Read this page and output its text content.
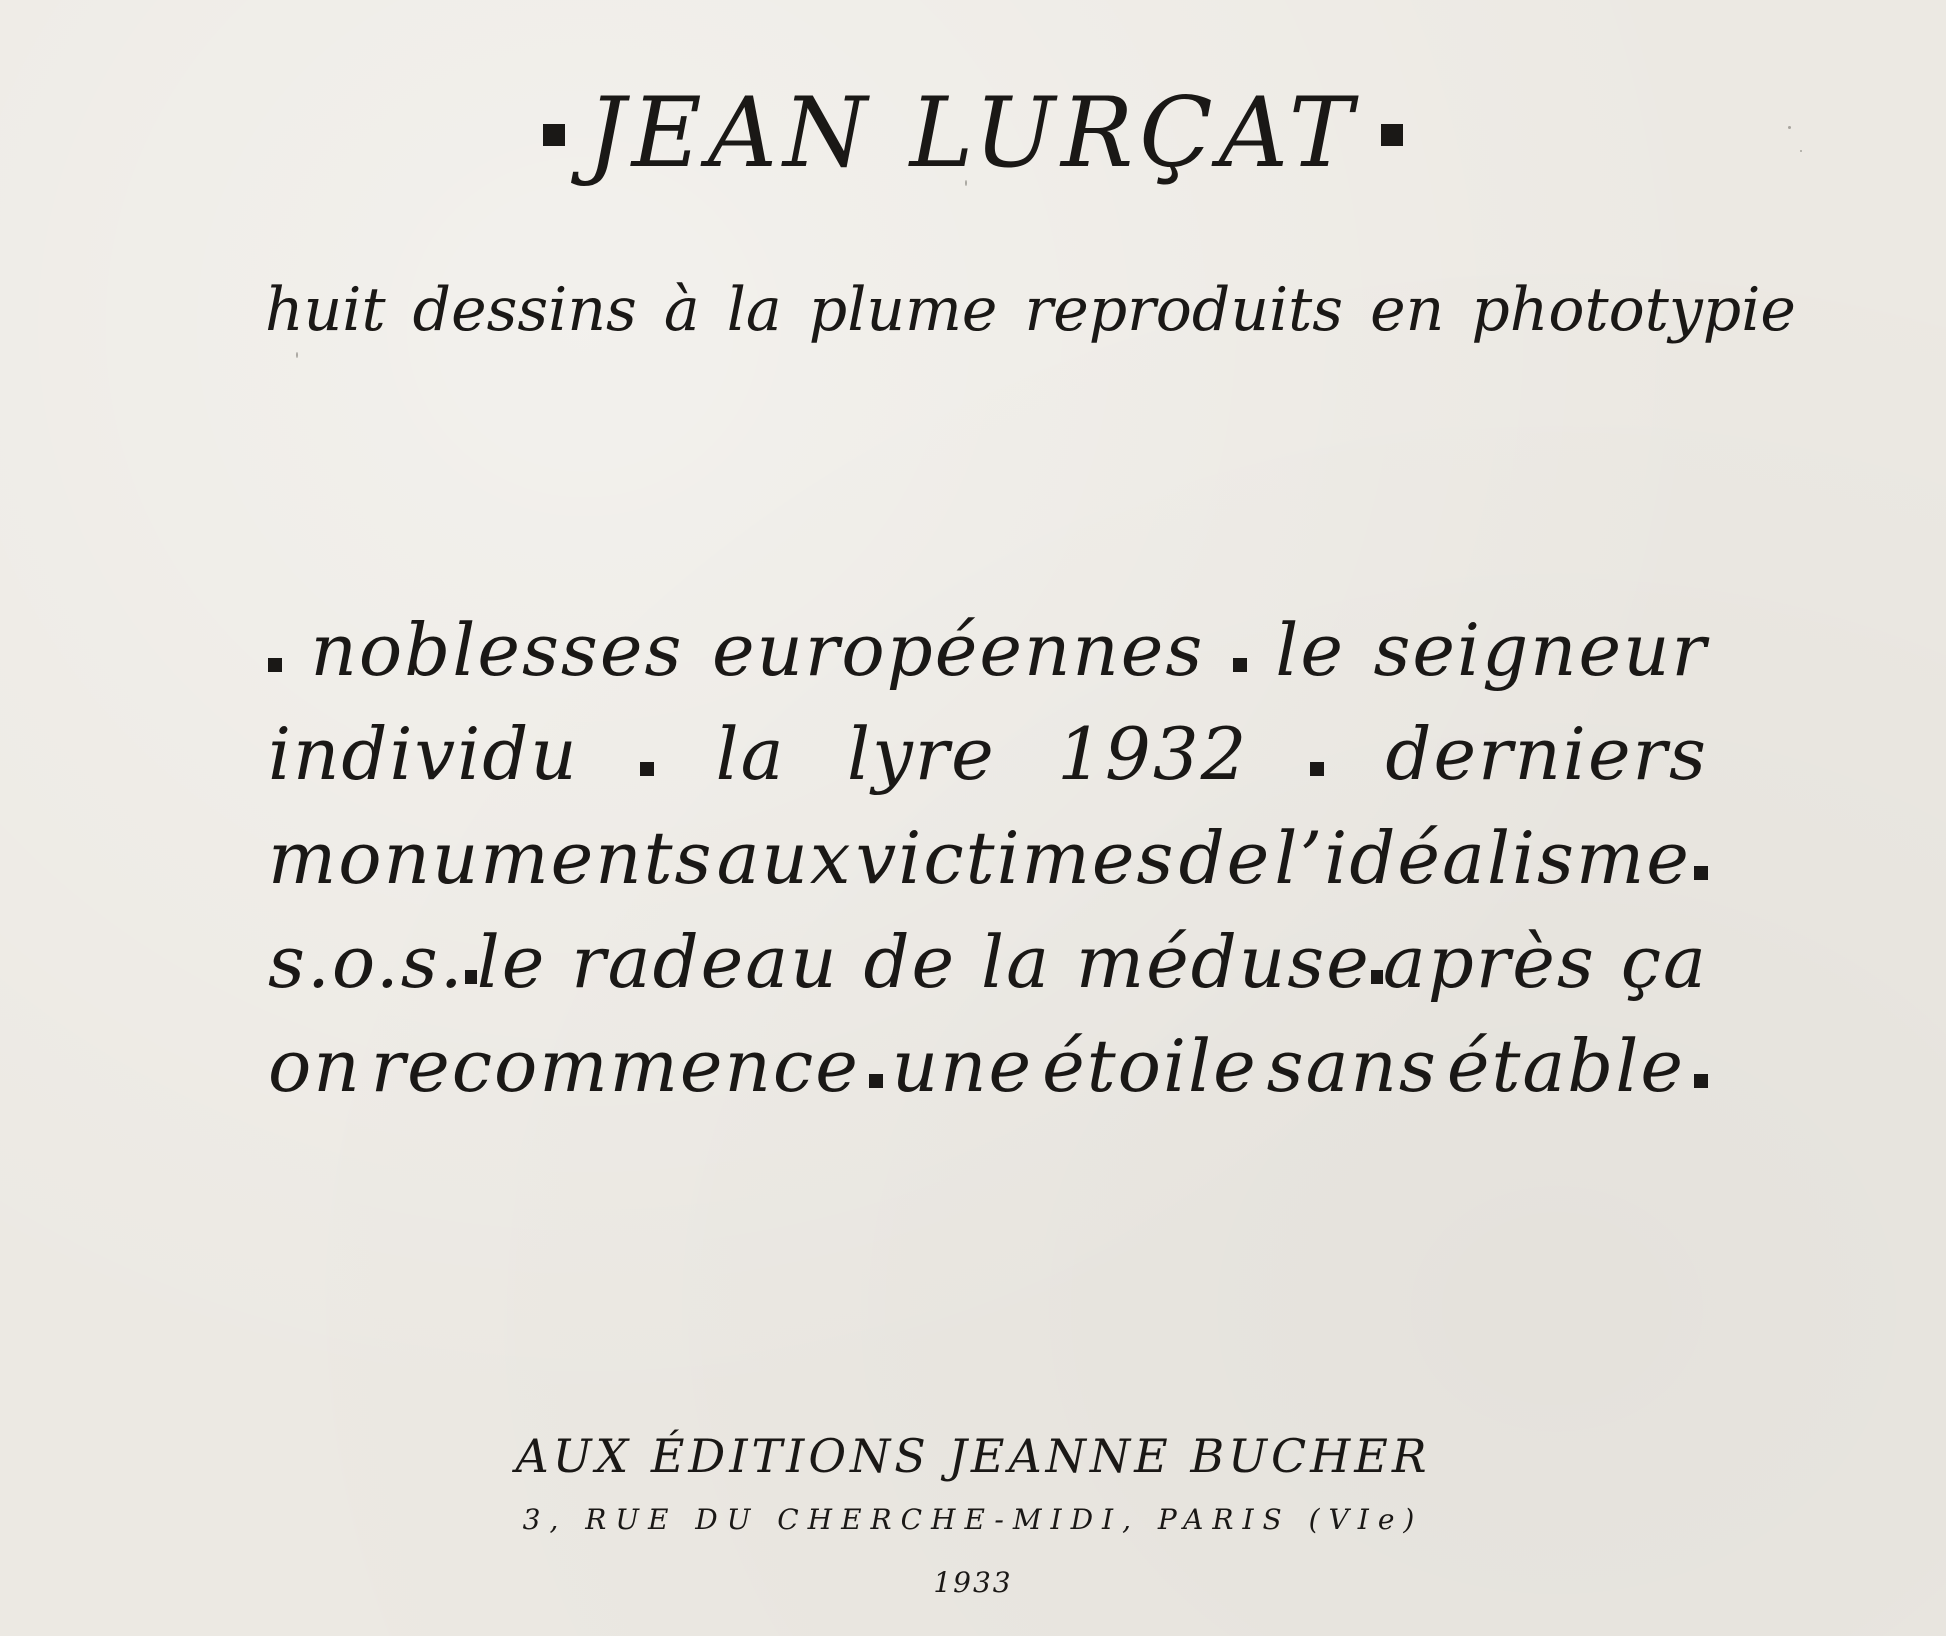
JEAN LURÇAT
huit dessins à la plume reproduits en phototypie
noblesses européennes le seigneur
individu la lyre 1932 derniers
monuments aux victimes de l’idéalisme
s.o.s. le radeau de la méduse après ça
on recommence une étoile sans étable
AUX ÉDITIONS JEANNE BUCHER
3, RUE DU CHERCHE-MIDI, PARIS (VIe)
1933
